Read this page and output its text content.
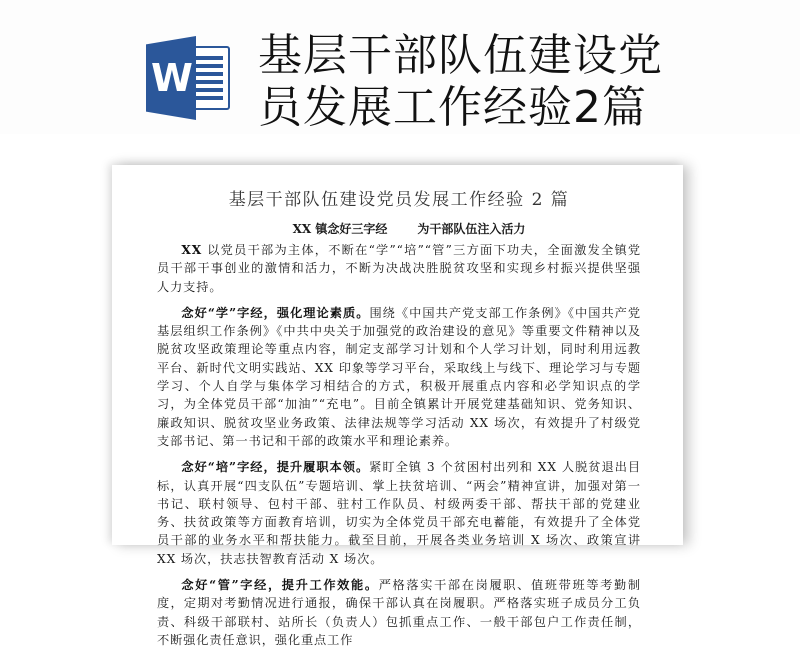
W 基层干部队伍建设党员发展工作经验2篇
基层干部队伍建设党员发展工作经验 2 篇
XX 镇念好三字经	为干部队伍注入活力

XX 以党员干部为主体，不断在“学”“培”“管”三方面下功夫，全面激发全镇党员干部干事创业的激情和活力，不断为决战决胜脱贫攻坚和实现乡村振兴提供坚强人力支持。

念好“学”字经，强化理论素质。围绕《中国共产党支部工作条例》《中国共产党基层组织工作条例》《中共中央关于加强党的政治建设的意见》等重要文件精神以及脱贫攻坚政策理论等重点内容，制定支部学习计划和个人学习计划，同时利用远教平台、新时代文明实践站、XX 印象等学习平台，采取线上与线下、理论学习与专题学习、个人自学与集体学习相结合的方式，积极开展重点内容和必学知识点的学习，为全体党员干部“加油”“充电”。目前全镇累计开展党建基础知识、党务知识、廉政知识、脱贫攻坚业务政策、法律法规等学习活动 XX 场次，有效提升了村级党支部书记、第一书记和干部的政策水平和理论素养。

念好“培”字经，提升履职本领。紧盯全镇 3 个贫困村出列和 XX 人脱贫退出目标，认真开展“四支队伍”专题培训、掌上扶贫培训、“两会”精神宣讲，加强对第一书记、联村领导、包村干部、驻村工作队员、村级两委干部、帮扶干部的党建业务、扶贫政策等方面教育培训，切实为全体党员干部充电蓄能，有效提升了全体党员干部的业务水平和帮扶能力。截至目前，开展各类业务培训 X 场次、政策宣讲 XX 场次，扶志扶智教育活动 X 场次。

念好“管”字经，提升工作效能。严格落实干部在岗履职、值班带班等考勤制度，定期对考勤情况进行通报，确保干部认真在岗履职。严格落实班子成员分工负责、科级干部联村、站所长（负责人）包抓重点工作、一般干部包户工作责任制，不断强化责任意识，强化重点工作
